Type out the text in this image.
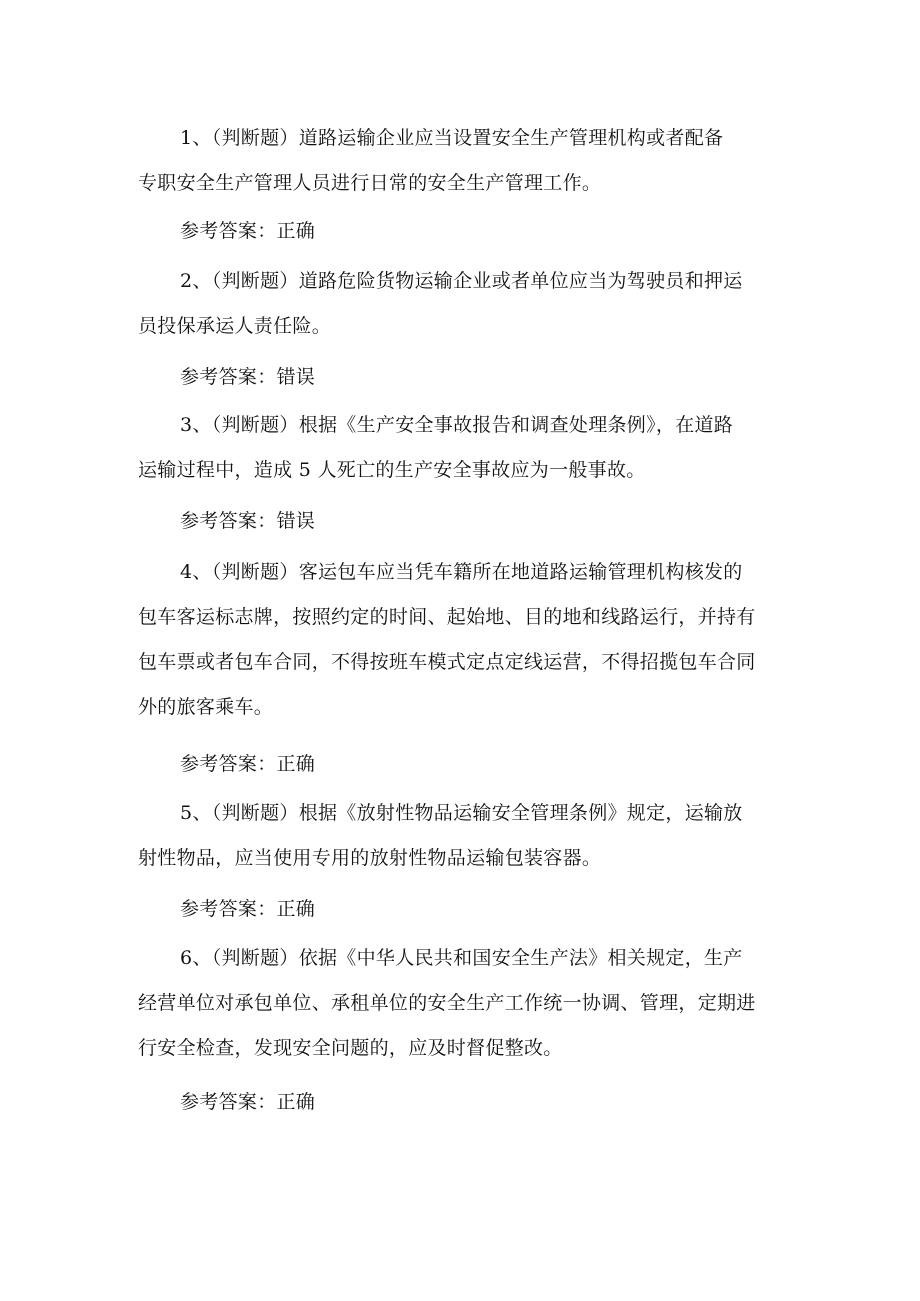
1、（判断题）道路运输企业应当设置安全生产管理机构或者配备
专职安全生产管理人员进行日常的安全生产管理工作。
参考答案：正确
2、（判断题）道路危险货物运输企业或者单位应当为驾驶员和押运
员投保承运人责任险。
参考答案：错误
3、（判断题）根据《生产安全事故报告和调查处理条例》，在道路
运输过程中，造成 5 人死亡的生产安全事故应为一般事故。
参考答案：错误
4、（判断题）客运包车应当凭车籍所在地道路运输管理机构核发的
包车客运标志牌，按照约定的时间、起始地、目的地和线路运行，并持有
包车票或者包车合同，不得按班车模式定点定线运营，不得招揽包车合同
外的旅客乘车。
参考答案：正确
5、（判断题）根据《放射性物品运输安全管理条例》规定，运输放
射性物品，应当使用专用的放射性物品运输包装容器。
参考答案：正确
6、（判断题）依据《中华人民共和国安全生产法》相关规定，生产
经营单位对承包单位、承租单位的安全生产工作统一协调、管理，定期进
行安全检查，发现安全问题的，应及时督促整改。
参考答案：正确
